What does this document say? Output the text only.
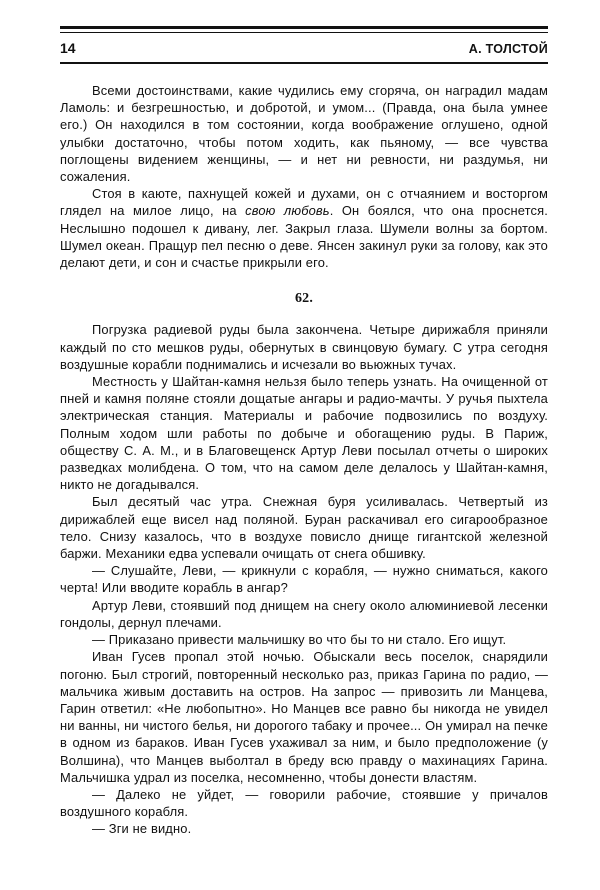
14	А. ТОЛСТОЙ

Всеми достоинствами, какие чудились ему сгоряча, он наградил мадам Ламоль: и безгрешностью, и добротой, и умом... (Правда, она была умнее его.) Он находился в том состоянии, когда воображение оглушено, одной улыбки достаточно, чтобы потом ходить, как пьяному, — все чувства поглощены видением женщины, — и нет ни ревности, ни раздумья, ни сожаления.

Стоя в каюте, пахнущей кожей и духами, он с отчаянием и восторгом глядел на милое лицо, на свою любовь. Он боялся, что она проснется. Неслышно подошел к дивану, лег. Закрыл глаза. Шумели волны за бортом. Шумел океан. Пращур пел песню о деве. Янсен закинул руки за голову, как это делают дети, и сон и счастье прикрыли его.

62.

Погрузка радиевой руды была закончена. Четыре дирижабля приняли каждый по сто мешков руды, обернутых в свинцовую бумагу. С утра сегодня воздушные корабли поднимались и исчезали во вьюжных тучах.

Местность у Шайтан-камня нельзя было теперь узнать. На очищенной от пней и камня поляне стояли дощатые ангары и радио-мачты. У ручья пыхтела электрическая станция. Материалы и рабочие подвозились по воздуху. Полным ходом шли работы по добыче и обогащению руды. В Париж, обществу С. А. М., и в Благовещенск Артур Леви посылал отчеты о широких разведках молибдена. О том, что на самом деле делалось у Шайтан-камня, никто не догадывался.

Был десятый час утра. Снежная буря усиливалась. Четвертый из дирижаблей еще висел над поляной. Буран раскачивал его сигарообразное тело. Снизу казалось, что в воздухе повисло днище гигантской железной баржи. Механики едва успевали очищать от снега обшивку.

— Слушайте, Леви, — крикнули с корабля, — нужно сниматься, какого черта! Или вводите корабль в ангар?

Артур Леви, стоявший под днищем на снегу около алюминиевой лесенки гондолы, дернул плечами.

— Приказано привести мальчишку во что бы то ни стало. Его ищут.

Иван Гусев пропал этой ночью. Обыскали весь поселок, снарядили погоню. Был строгий, повторенный несколько раз, приказ Гарина по радио, — мальчика живым доставить на остров. На запрос — привозить ли Манцева, Гарин ответил: «Не любопытно». Но Манцев все равно бы никогда не увидел ни ванны, ни чистого белья, ни дорогого табаку и прочее... Он умирал на печке в одном из бараков. Иван Гусев ухаживал за ним, и было предположение (у Волшина), что Манцев выболтал в бреду всю правду о махинациях Гарина. Мальчишка удрал из поселка, несомненно, чтобы донести властям.

— Далеко не уйдет, — говорили рабочие, стоявшие у причалов воздушного корабля.

— Зги не видно.
